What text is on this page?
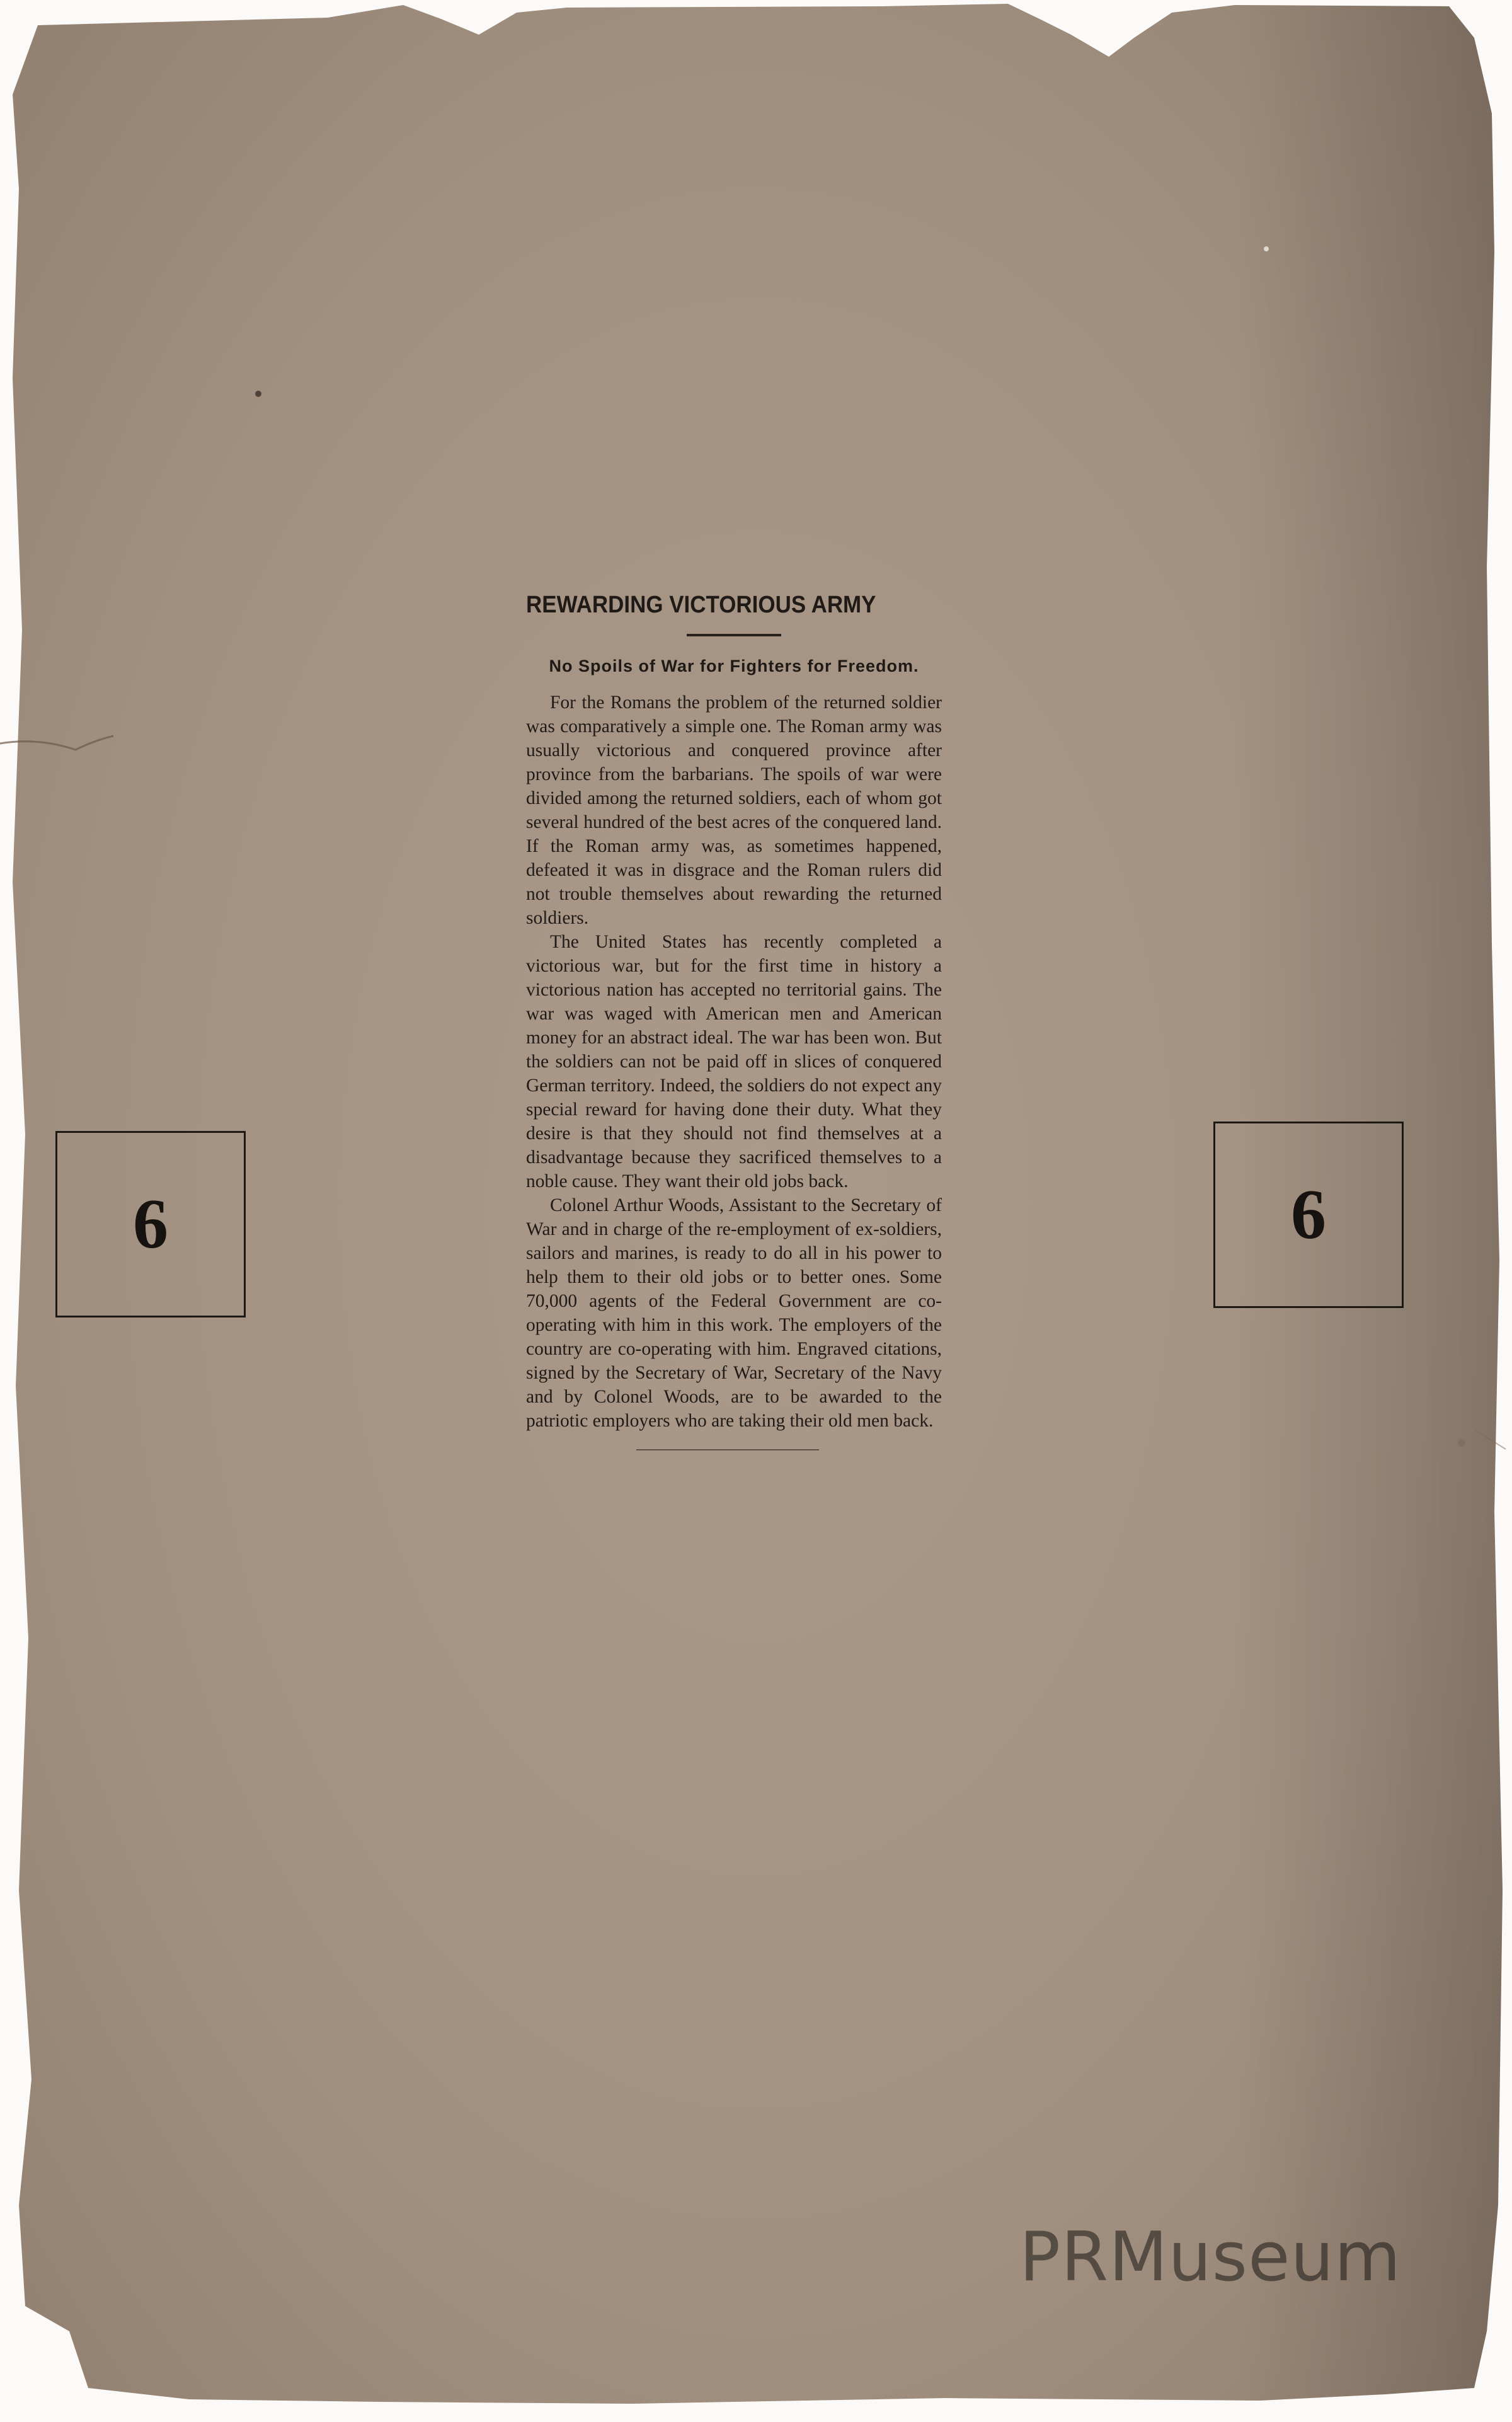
REWARDING VICTORIOUS ARMY
No Spoils of War for Fighters for Freedom.

For the Romans the problem of the returned soldier was comparatively a simple one. The Roman army was usually victorious and conquered province after province from the barbarians. The spoils of war were divided among the returned soldiers, each of whom got several hundred of the best acres of the conquered land. If the Roman army was, as sometimes happened, defeated it was in disgrace and the Roman rulers did not trouble themselves about rewarding the returned soldiers.

The United States has recently completed a victorious war, but for the first time in history a victorious nation has accepted no territorial gains. The war was waged with American men and American money for an abstract ideal. The war has been won. But the soldiers can not be paid off in slices of conquered German territory. Indeed, the soldiers do not expect any special reward for having done their duty. What they desire is that they should not find themselves at a disadvantage because they sacrificed themselves to a noble cause. They want their old jobs back.

Colonel Arthur Woods, Assistant to the Secretary of War and in charge of the re-employment of ex-soldiers, sailors and marines, is ready to do all in his power to help them to their old jobs or to better ones. Some 70,000 agents of the Federal Government are co-operating with him in this work. The employers of the country are co-operating with him. Engraved citations, signed by the Secretary of War, Secretary of the Navy and by Colonel Woods, are to be awarded to the patriotic employers who are taking their old men back.

6	6
PRMuseum
